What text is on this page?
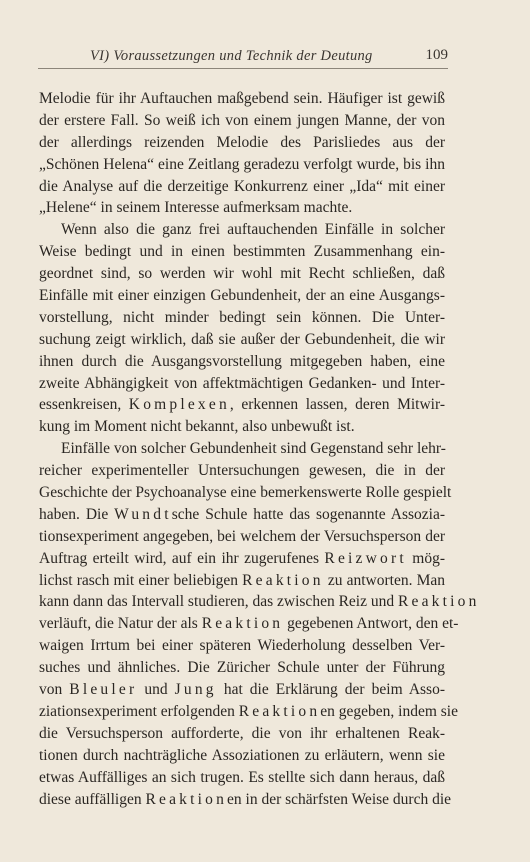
VI) Voraussetzungen und Technik der Deutung	109
Melodie für ihr Auftauchen maßgebend sein. Häufiger ist gewiß
der erstere Fall. So weiß ich von einem jungen Manne, der von
der allerdings reizenden Melodie des Parisliedes aus der
„Schönen Helena“ eine Zeitlang geradezu verfolgt wurde, bis ihn
die Analyse auf die derzeitige Konkurrenz einer „Ida“ mit einer
„Helene“ in seinem Interesse aufmerksam machte.
Wenn also die ganz frei auftauchenden Einfälle in solcher
Weise bedingt und in einen bestimmten Zusammenhang ein-
geordnet sind, so werden wir wohl mit Recht schließen, daß
Einfälle mit einer einzigen Gebundenheit, der an eine Ausgangs-
vorstellung, nicht minder bedingt sein können. Die Unter-
suchung zeigt wirklich, daß sie außer der Gebundenheit, die wir
ihnen durch die Ausgangsvorstellung mitgegeben haben, eine
zweite Abhängigkeit von affektmächtigen Gedanken- und Inter-
essenkreisen, Komplexen, erkennen lassen, deren Mitwir-
kung im Moment nicht bekannt, also unbewußt ist.
Einfälle von solcher Gebundenheit sind Gegenstand sehr lehr-
reicher experimenteller Untersuchungen gewesen, die in der
Geschichte der Psychoanalyse eine bemerkenswerte Rolle gespielt
haben. Die Wundtsche Schule hatte das sogenannte Assozia-
tionsexperiment angegeben, bei welchem der Versuchsperson der
Auftrag erteilt wird, auf ein ihr zugerufenes Reizwort mög-
lichst rasch mit einer beliebigen Reaktion zu antworten. Man
kann dann das Intervall studieren, das zwischen Reiz und Reaktion
verläuft, die Natur der als Reaktion gegebenen Antwort, den et-
waigen Irrtum bei einer späteren Wiederholung desselben Ver-
suches und ähnliches. Die Züricher Schule unter der Führung
von Bleuler und Jung hat die Erklärung der beim Asso-
ziationsexperiment erfolgenden Reaktionen gegeben, indem sie
die Versuchsperson aufforderte, die von ihr erhaltenen Reak-
tionen durch nachträgliche Assoziationen zu erläutern, wenn sie
etwas Auffälliges an sich trugen. Es stellte sich dann heraus, daß
diese auffälligen Reaktionen in der schärfsten Weise durch die
